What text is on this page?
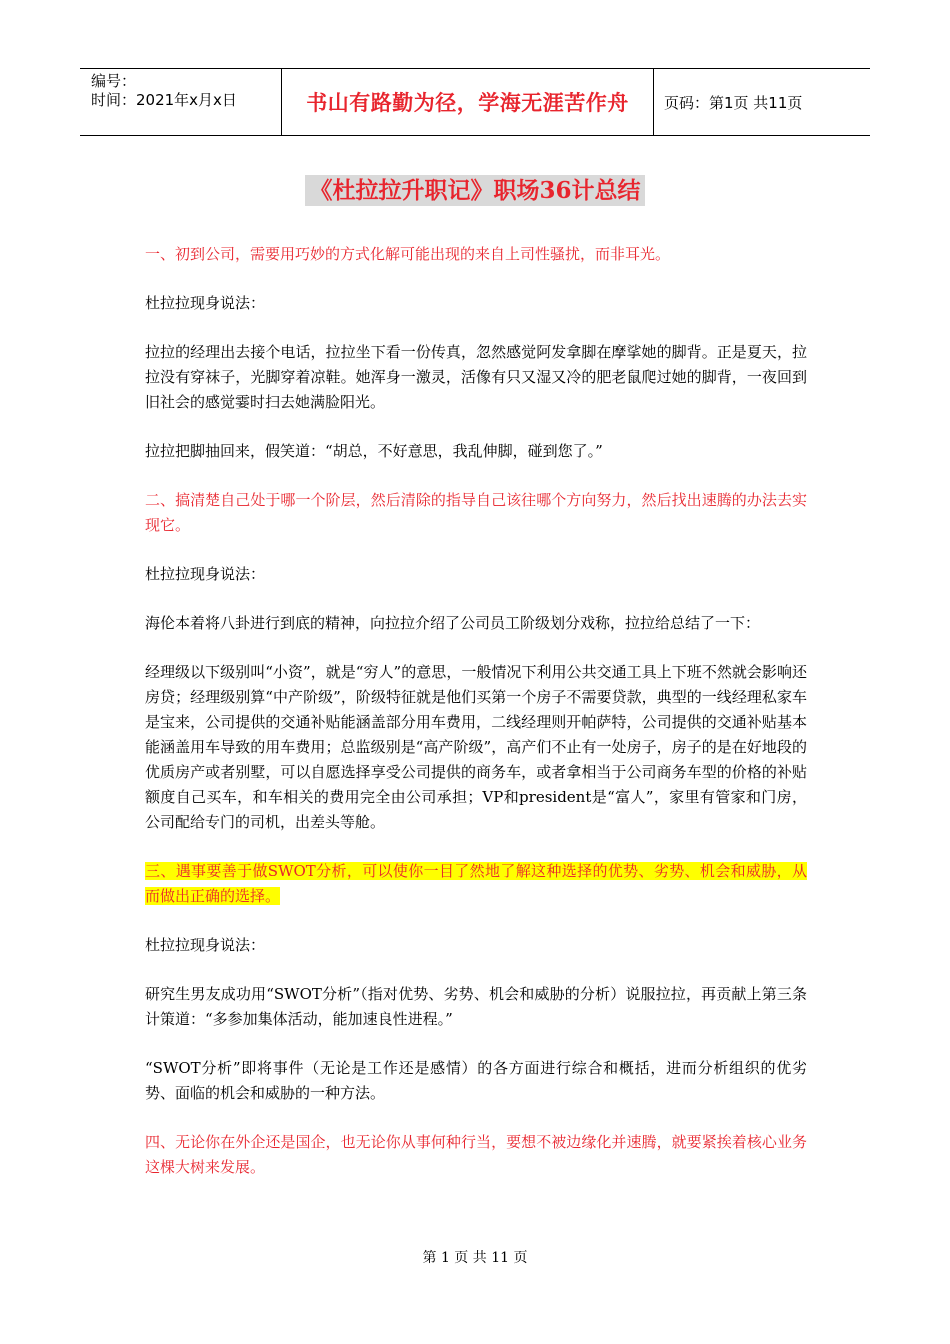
编号：
时间：2021年x月x日	书山有路勤为径，学海无涯苦作舟	页码：第1页 共11页
《杜拉拉升职记》职场36计总结

一、初到公司，需要用巧妙的方式化解可能出现的来自上司性骚扰，而非耳光。

杜拉拉现身说法：

拉拉的经理出去接个电话，拉拉坐下看一份传真，忽然感觉阿发拿脚在摩挲她的脚背。正是夏天，拉拉没有穿袜子，光脚穿着凉鞋。她浑身一激灵，活像有只又湿又冷的肥老鼠爬过她的脚背，一夜回到旧社会的感觉霎时扫去她满脸阳光。

拉拉把脚抽回来，假笑道：“胡总，不好意思，我乱伸脚，碰到您了。”

二、搞清楚自己处于哪一个阶层，然后清除的指导自己该往哪个方向努力，然后找出速腾的办法去实现它。

杜拉拉现身说法：

海伦本着将八卦进行到底的精神，向拉拉介绍了公司员工阶级划分戏称，拉拉给总结了一下：

经理级以下级别叫“小资”，就是“穷人”的意思，一般情况下利用公共交通工具上下班不然就会影响还房贷；经理级别算“中产阶级”，阶级特征就是他们买第一个房子不需要贷款，典型的一线经理私家车是宝来，公司提供的交通补贴能涵盖部分用车费用，二线经理则开帕萨特，公司提供的交通补贴基本能涵盖用车导致的用车费用；总监级别是“高产阶级”，高产们不止有一处房子，房子的是在好地段的优质房产或者别墅，可以自愿选择享受公司提供的商务车，或者拿相当于公司商务车型的价格的补贴额度自己买车，和车相关的费用完全由公司承担；VP和president是“富人”，家里有管家和门房，公司配给专门的司机，出差头等舱。

三、遇事要善于做SWOT分析，可以使你一目了然地了解这种选择的优势、劣势、机会和威胁，从而做出正确的选择。

杜拉拉现身说法：

研究生男友成功用“SWOT分析”（指对优势、劣势、机会和威胁的分析）说服拉拉，再贡献上第三条计策道：“多参加集体活动，能加速良性进程。”

“SWOT分析”即将事件（无论是工作还是感情）的各方面进行综合和概括，进而分析组织的优劣势、面临的机会和威胁的一种方法。

四、无论你在外企还是国企，也无论你从事何种行当，要想不被边缘化并速腾，就要紧挨着核心业务这棵大树来发展。

第 1 页 共 11 页
